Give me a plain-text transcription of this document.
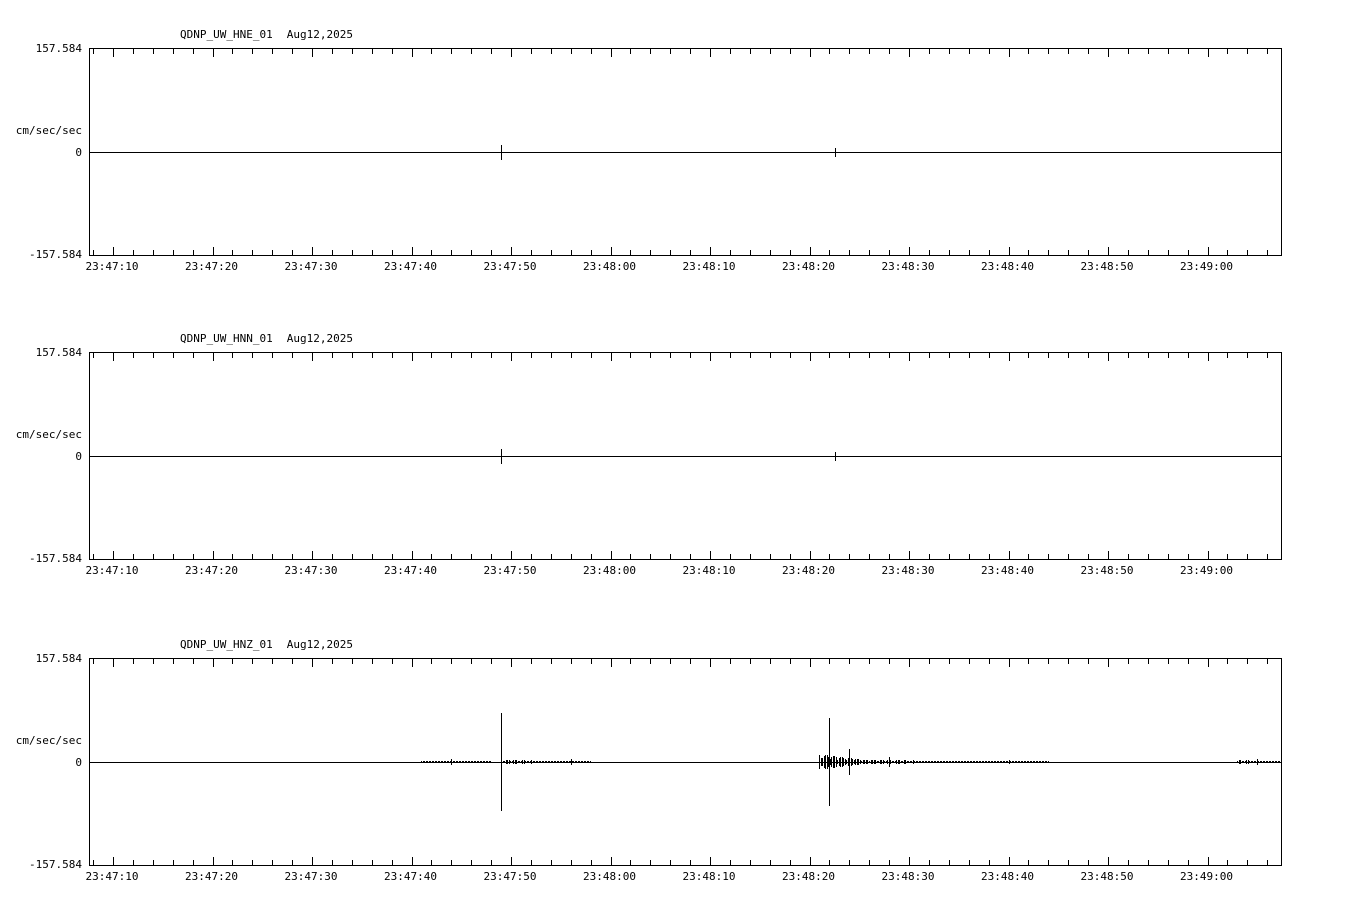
QDNP_UW_HNE_01 Aug12,2025
157.584
cm/sec/sec
0
-157.584
23:47:10	23:47:20	23:47:30	23:47:40	23:47:50	23:48:00	23:48:10	23:48:20	23:48:30	23:48:40	23:48:50	23:49:00
QDNP_UW_HNN_01 Aug12,2025
157.584
cm/sec/sec
0
-157.584
23:47:10	23:47:20	23:47:30	23:47:40	23:47:50	23:48:00	23:48:10	23:48:20	23:48:30	23:48:40	23:48:50	23:49:00
QDNP_UW_HNZ_01 Aug12,2025
157.584
cm/sec/sec
0
-157.584
23:47:10	23:47:20	23:47:30	23:47:40	23:47:50	23:48:00	23:48:10	23:48:20	23:48:30	23:48:40	23:48:50	23:49:00
